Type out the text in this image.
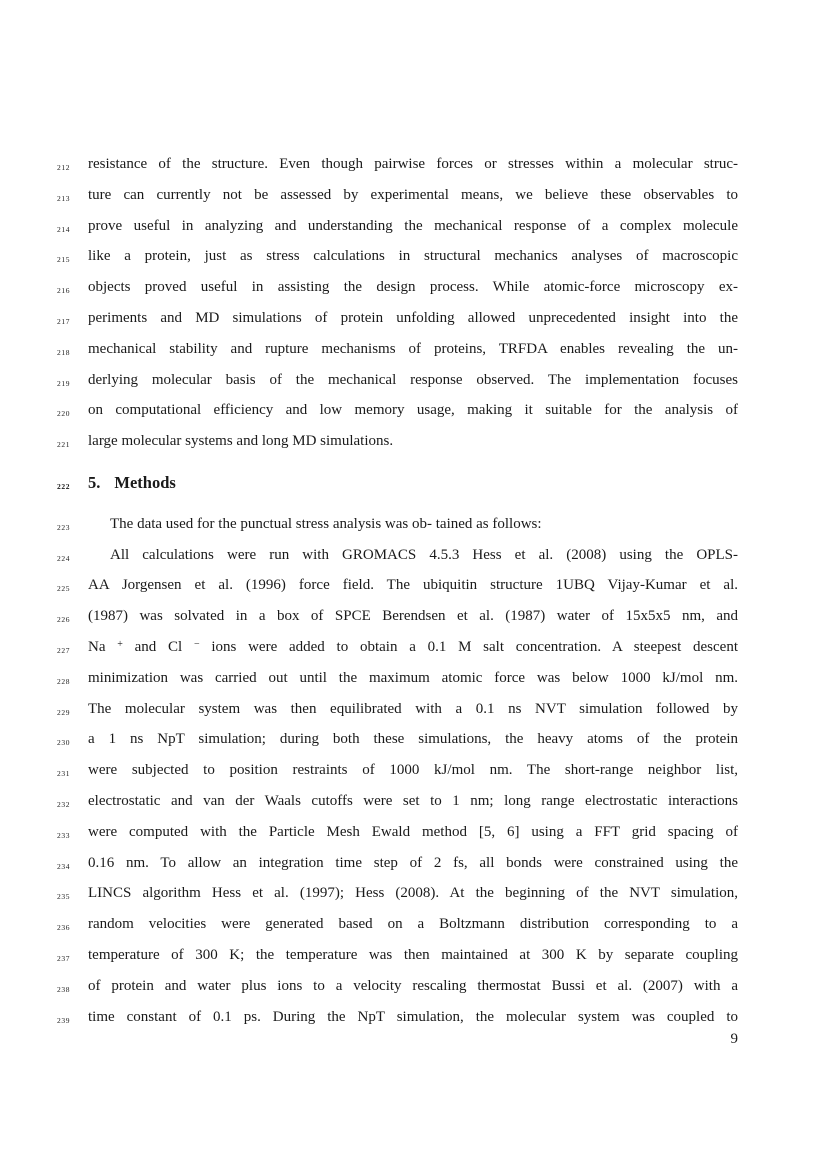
212	resistance of the structure. Even though pairwise forces or stresses within a molecular struc-
213	ture can currently not be assessed by experimental means, we believe these observables to
214	prove useful in analyzing and understanding the mechanical response of a complex molecule
215	like a protein, just as stress calculations in structural mechanics analyses of macroscopic
216	objects proved useful in assisting the design process. While atomic-force microscopy ex-
217	periments and MD simulations of protein unfolding allowed unprecedented insight into the
218	mechanical stability and rupture mechanisms of proteins, TRFDA enables revealing the un-
219	derlying molecular basis of the mechanical response observed. The implementation focuses
220	on computational efficiency and low memory usage, making it suitable for the analysis of
221	large molecular systems and long MD simulations.
222	5. Methods
223	The data used for the punctual stress analysis was ob- tained as follows:
224	All calculations were run with GROMACS 4.5.3 Hess et al. (2008) using the OPLS-
225	AA Jorgensen et al. (1996) force field. The ubiquitin structure 1UBQ Vijay-Kumar et al.
226	(1987) was solvated in a box of SPCE Berendsen et al. (1987) water of 15x5x5 nm, and
227	Na + and Cl − ions were added to obtain a 0.1 M salt concentration. A steepest descent
228	minimization was carried out until the maximum atomic force was below 1000 kJ/mol nm.
229	The molecular system was then equilibrated with a 0.1 ns NVT simulation followed by
230	a 1 ns NpT simulation; during both these simulations, the heavy atoms of the protein
231	were subjected to position restraints of 1000 kJ/mol nm. The short-range neighbor list,
232	electrostatic and van der Waals cutoffs were set to 1 nm; long range electrostatic interactions
233	were computed with the Particle Mesh Ewald method [5, 6] using a FFT grid spacing of
234	0.16 nm. To allow an integration time step of 2 fs, all bonds were constrained using the
235	LINCS algorithm Hess et al. (1997); Hess (2008). At the beginning of the NVT simulation,
236	random velocities were generated based on a Boltzmann distribution corresponding to a
237	temperature of 300 K; the temperature was then maintained at 300 K by separate coupling
238	of protein and water plus ions to a velocity rescaling thermostat Bussi et al. (2007) with a
239	time constant of 0.1 ps. During the NpT simulation, the molecular system was coupled to
9
